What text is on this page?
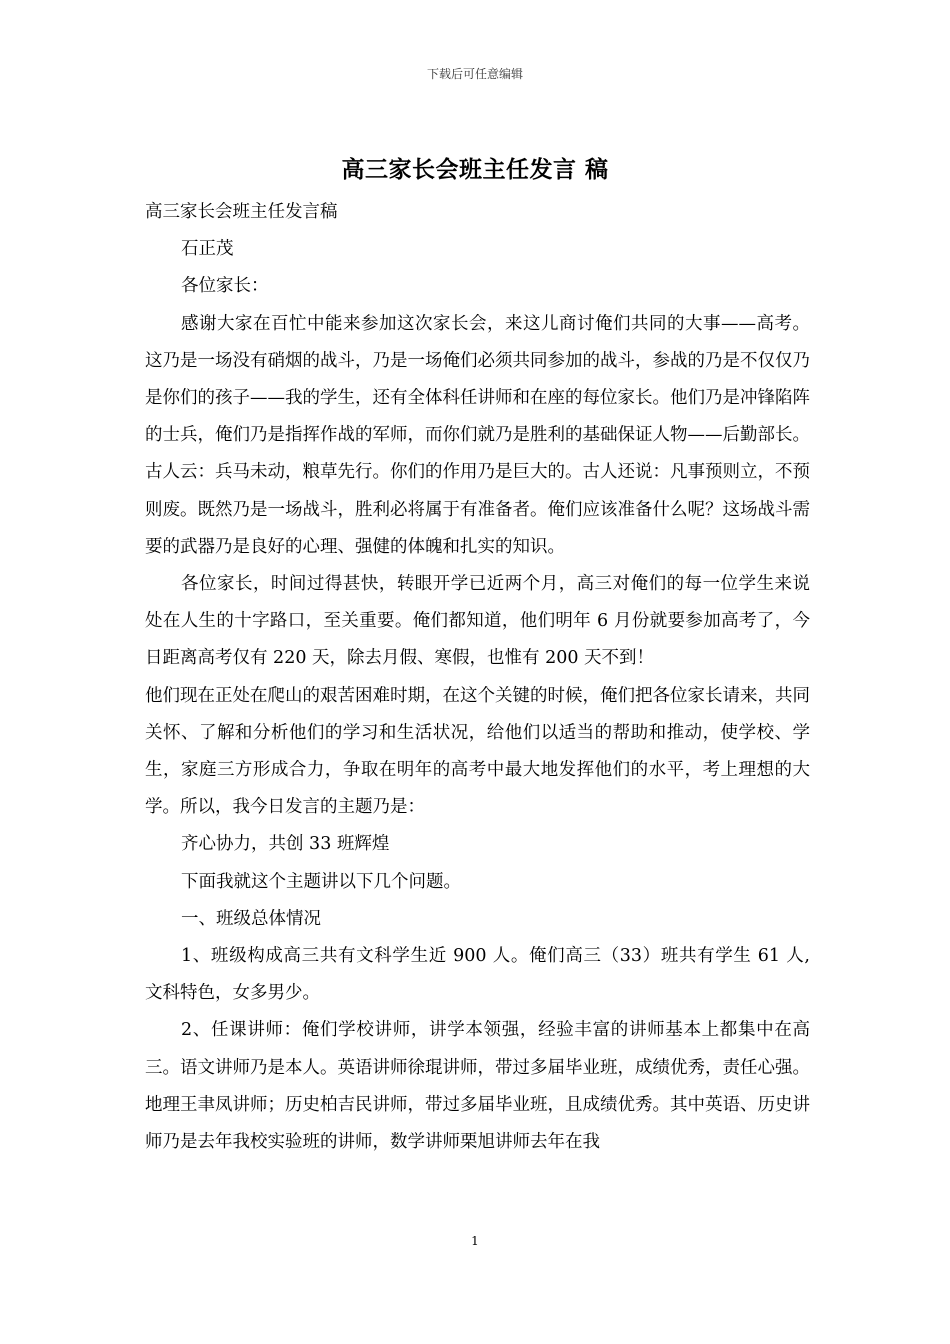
下载后可任意编辑
高三家长会班主任发言 稿

高三家长会班主任发言稿

石正茂

各位家长：

感谢大家在百忙中能来参加这次家长会，来这儿商讨俺们共同的大事——高考。这乃是一场没有硝烟的战斗，乃是一场俺们必须共同参加的战斗，参战的乃是不仅仅乃是你们的孩子——我的学生，还有全体科任讲师和在座的每位家长。他们乃是冲锋陷阵的士兵，俺们乃是指挥作战的军师，而你们就乃是胜利的基础保证人物——后勤部长。古人云：兵马未动，粮草先行。你们的作用乃是巨大的。古人还说：凡事预则立，不预则废。既然乃是一场战斗，胜利必将属于有准备者。俺们应该准备什么呢？这场战斗需要的武器乃是良好的心理、强健的体魄和扎实的知识。

各位家长，时间过得甚快，转眼开学已近两个月，高三对俺们的每一位学生来说处在人生的十字路口，至关重要。俺们都知道，他们明年 6 月份就要参加高考了，今日距离高考仅有 220 天，除去月假、寒假，也惟有 200 天不到！

他们现在正处在爬山的艰苦困难时期，在这个关键的时候，俺们把各位家长请来，共同关怀、了解和分析他们的学习和生活状况，给他们以适当的帮助和推动，使学校、学生，家庭三方形成合力，争取在明年的高考中最大地发挥他们的水平，考上理想的大学。所以，我今日发言的主题乃是：

齐心协力，共创 33 班辉煌

下面我就这个主题讲以下几个问题。

一、班级总体情况

1、班级构成高三共有文科学生近 900 人。俺们高三（33）班共有学生 61 人, 文科特色，女多男少。

2、任课讲师：俺们学校讲师，讲学本领强，经验丰富的讲师基本上都集中在高三。语文讲师乃是本人。英语讲师徐琨讲师，带过多届毕业班，成绩优秀，责任心强。地理王聿凤讲师；历史柏吉民讲师，带过多届毕业班，且成绩优秀。其中英语、历史讲师乃是去年我校实验班的讲师，数学讲师栗旭讲师去年在我

1
